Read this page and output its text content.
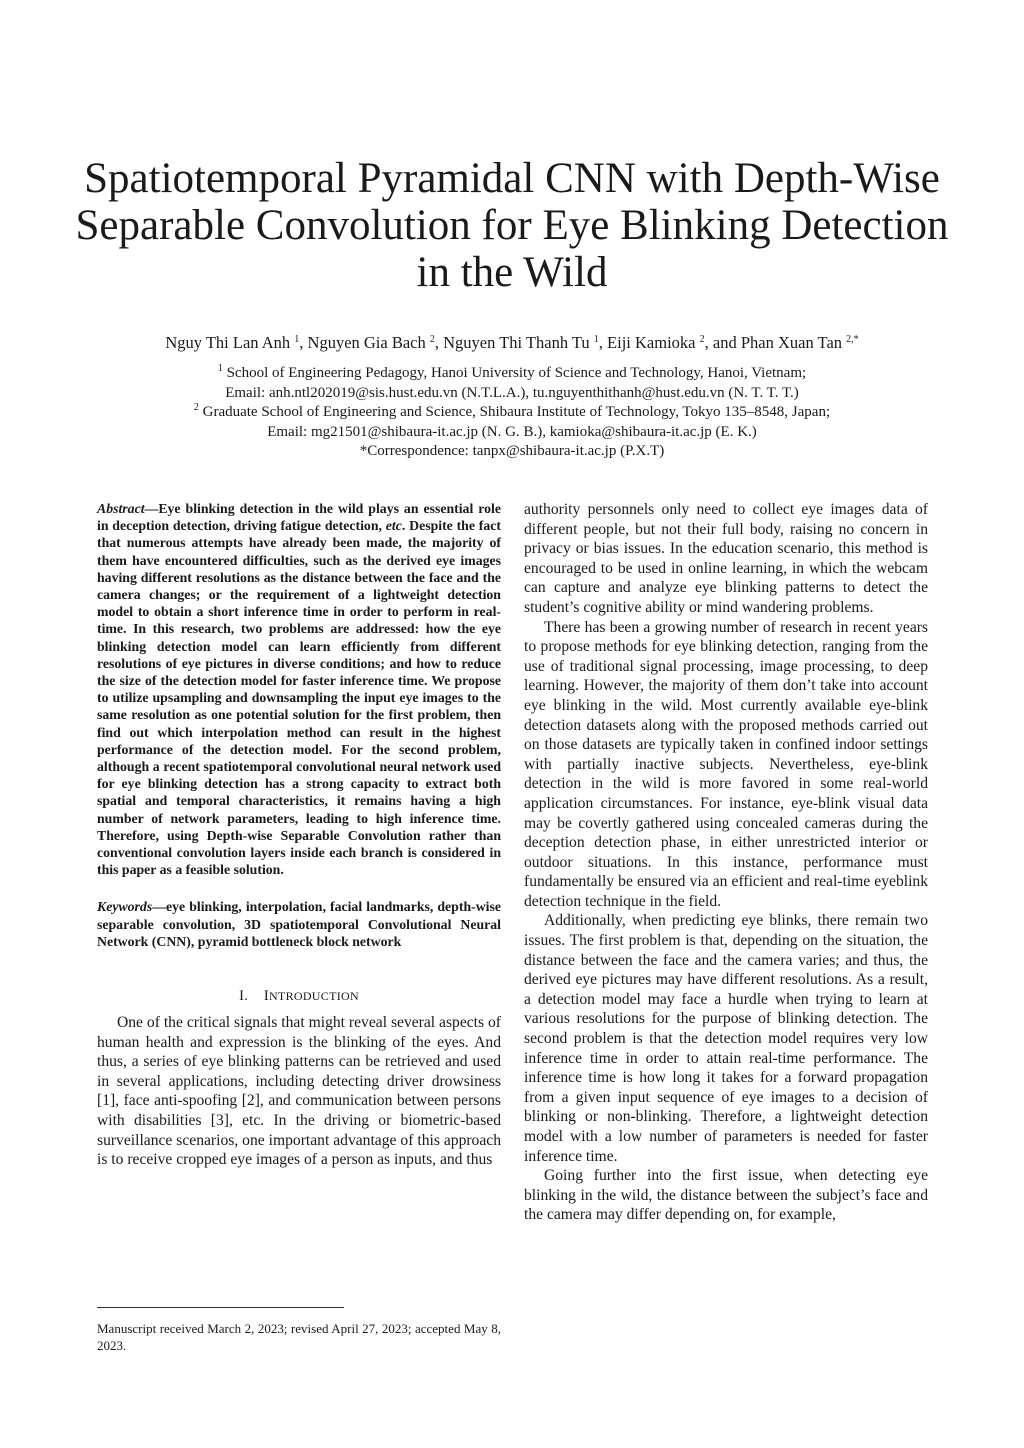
Spatiotemporal Pyramidal CNN with Depth-Wise Separable Convolution for Eye Blinking Detection in the Wild

Nguy Thi Lan Anh $^1$, Nguyen Gia Bach $^2$, Nguyen Thi Thanh Tu $^1$, Eiji Kamioka $^2$, and Phan Xuan Tan $^{2,*}$

$^1$ School of Engineering Pedagogy, Hanoi University of Science and Technology, Hanoi, Vietnam;
Email: anh.ntl202019@sis.hust.edu.vn (N.T.L.A.), tu.nguyenthithanh@hust.edu.vn (N. T. T. T.)
$^2$ Graduate School of Engineering and Science, Shibaura Institute of Technology, Tokyo 135–8548, Japan;
Email: mg21501@shibaura-it.ac.jp (N. G. B.), kamioka@shibaura-it.ac.jp (E. K.)
*Correspondence: tanpx@shibaura-it.ac.jp (P.X.T)

Abstract—Eye blinking detection in the wild plays an essential role in deception detection, driving fatigue detection, etc. Despite the fact that numerous attempts have already been made, the majority of them have encountered difficulties, such as the derived eye images having different resolutions as the distance between the face and the camera changes; or the requirement of a lightweight detection model to obtain a short inference time in order to perform in real-time. In this research, two problems are addressed: how the eye blinking detection model can learn efficiently from different resolutions of eye pictures in diverse conditions; and how to reduce the size of the detection model for faster inference time. We propose to utilize upsampling and downsampling the input eye images to the same resolution as one potential solution for the first problem, then find out which interpolation method can result in the highest performance of the detection model. For the second problem, although a recent spatiotemporal convolutional neural network used for eye blinking detection has a strong capacity to extract both spatial and temporal characteristics, it remains having a high number of network parameters, leading to high inference time. Therefore, using Depth-wise Separable Convolution rather than conventional convolution layers inside each branch is considered in this paper as a feasible solution.

Keywords—eye blinking, interpolation, facial landmarks, depth-wise separable convolution, 3D spatiotemporal Convolutional Neural Network (CNN), pyramid bottleneck block network

I. INTRODUCTION

One of the critical signals that might reveal several aspects of human health and expression is the blinking of the eyes. And thus, a series of eye blinking patterns can be retrieved and used in several applications, including detecting driver drowsiness [1], face anti-spoofing [2], and communication between persons with disabilities [3], etc. In the driving or biometric-based surveillance scenarios, one important advantage of this approach is to receive cropped eye images of a person as inputs, and thus

authority personnels only need to collect eye images data of different people, but not their full body, raising no concern in privacy or bias issues. In the education scenario, this method is encouraged to be used in online learning, in which the webcam can capture and analyze eye blinking patterns to detect the student’s cognitive ability or mind wandering problems.

There has been a growing number of research in recent years to propose methods for eye blinking detection, ranging from the use of traditional signal processing, image processing, to deep learning. However, the majority of them don’t take into account eye blinking in the wild. Most currently available eye-blink detection datasets along with the proposed methods carried out on those datasets are typically taken in confined indoor settings with partially inactive subjects. Nevertheless, eye-blink detection in the wild is more favored in some real-world application circumstances. For instance, eye-blink visual data may be covertly gathered using concealed cameras during the deception detection phase, in either unrestricted interior or outdoor situations. In this instance, performance must fundamentally be ensured via an efficient and real-time eyeblink detection technique in the field.

Additionally, when predicting eye blinks, there remain two issues. The first problem is that, depending on the situation, the distance between the face and the camera varies; and thus, the derived eye pictures may have different resolutions. As a result, a detection model may face a hurdle when trying to learn at various resolutions for the purpose of blinking detection. The second problem is that the detection model requires very low inference time in order to attain real-time performance. The inference time is how long it takes for a forward propagation from a given input sequence of eye images to a decision of blinking or non-blinking. Therefore, a lightweight detection model with a low number of parameters is needed for faster inference time.

Going further into the first issue, when detecting eye blinking in the wild, the distance between the subject’s face and the camera may differ depending on, for example,

Manuscript received March 2, 2023; revised April 27, 2023; accepted May 8, 2023.
